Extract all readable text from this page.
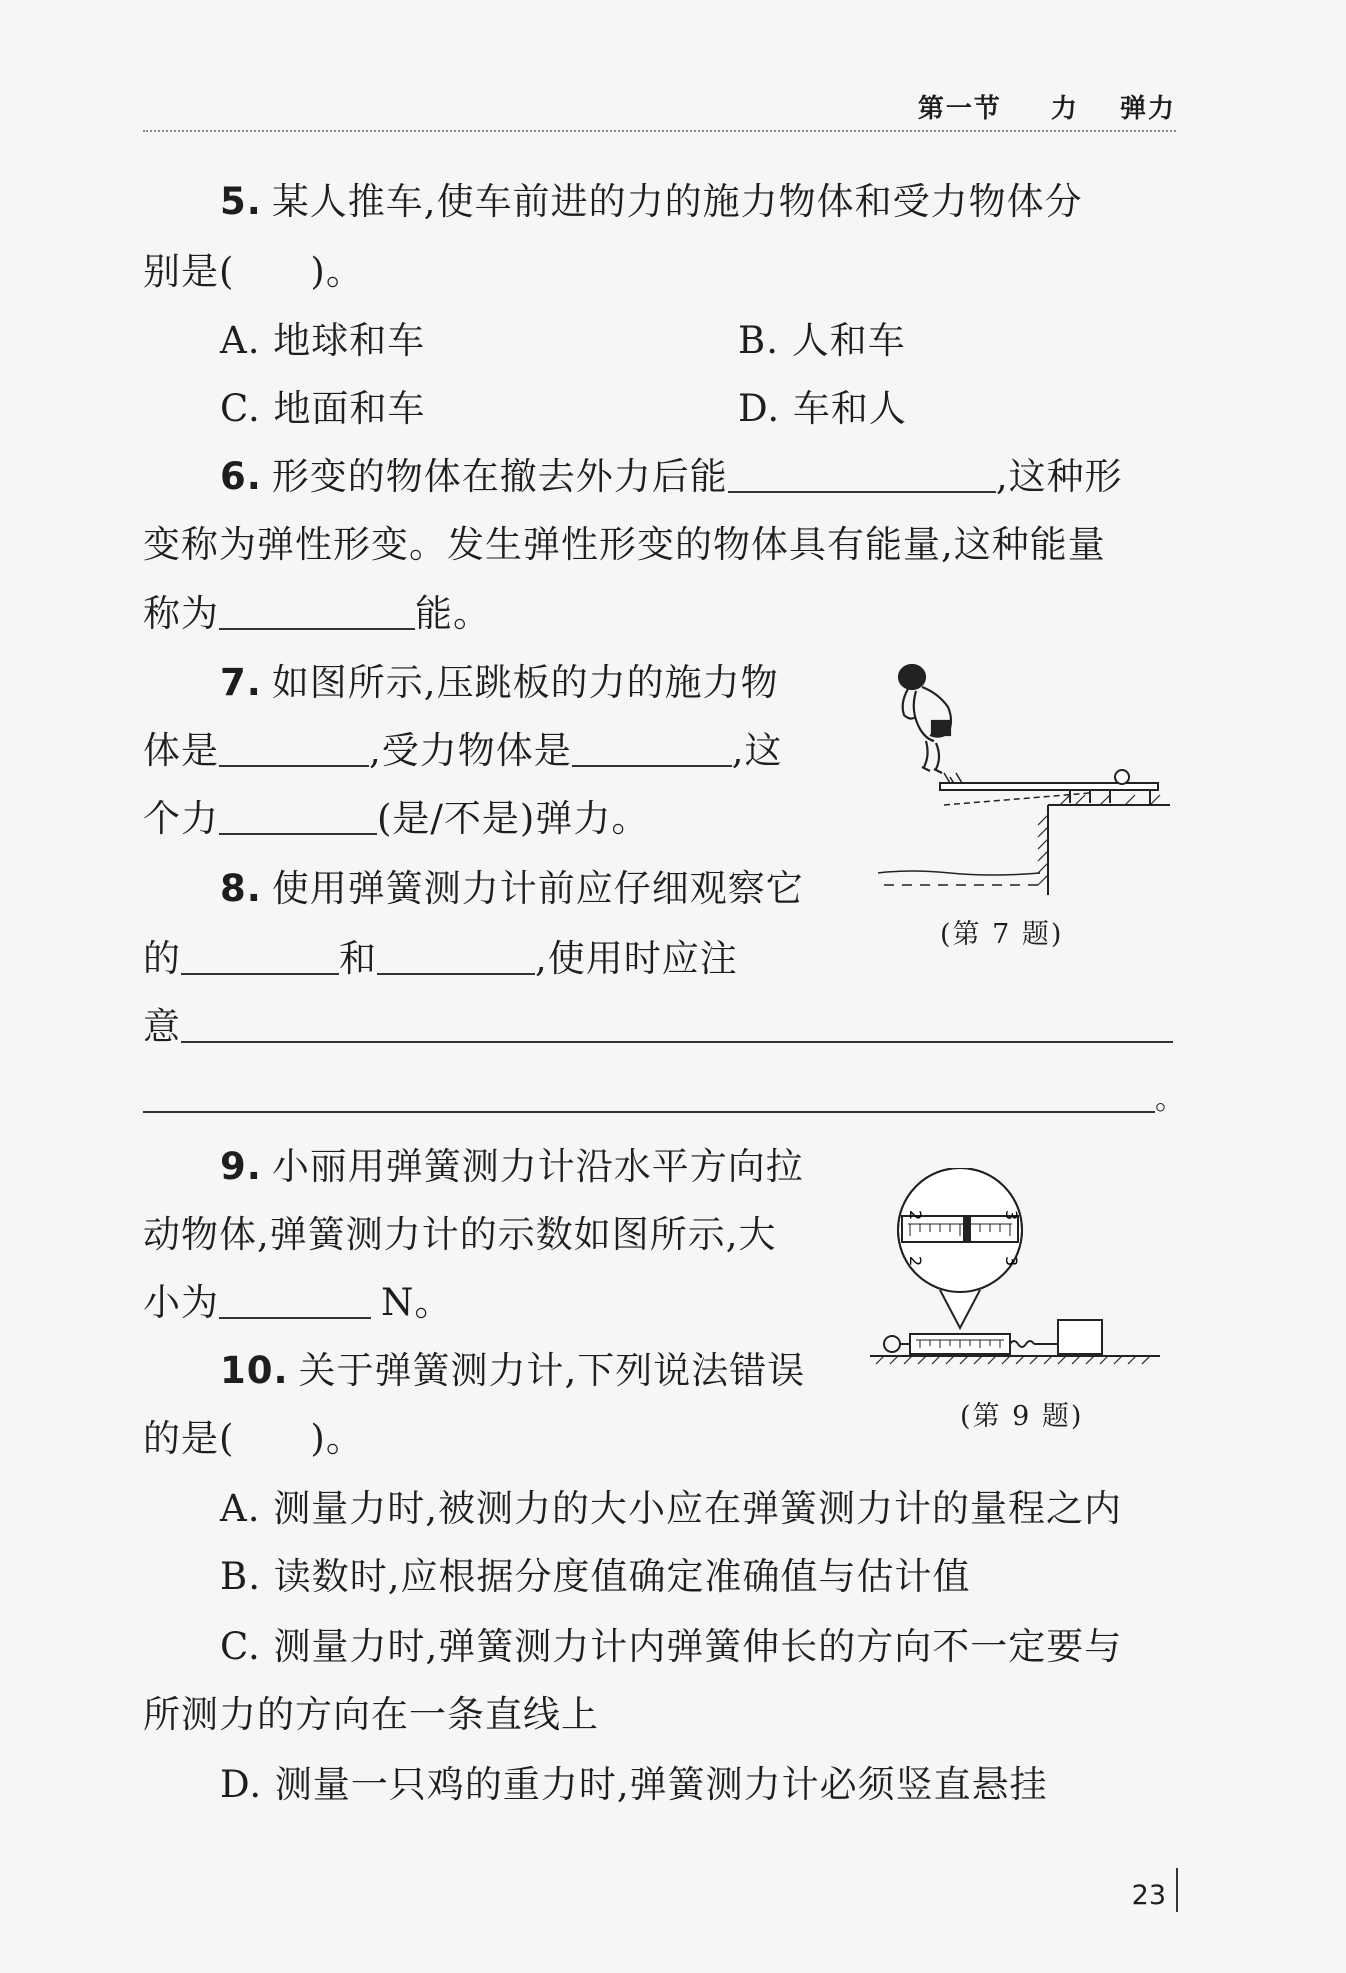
第一节 力 弹力
5. 某人推车,使车前进的力的施力物体和受力物体分
别是(　　)。
A. 地球和车	B. 人和车
C. 地面和车	D. 车和人
6. 形变的物体在撤去外力后能	,这种形
变称为弹性形变。发生弹性形变的物体具有能量,这种能量
称为	能。
7. 如图所示,压跳板的力的施力物
体是	,受力物体是	,这
个力	(是/不是)弹力。
(第 7 题)
8. 使用弹簧测力计前应仔细观察它
的	和	,使用时应注
意
。
9. 小丽用弹簧测力计沿水平方向拉
动物体,弹簧测力计的示数如图所示,大
小为	N。
2	3
2	3
(第 9 题)
10. 关于弹簧测力计,下列说法错误
的是(　　)。
A. 测量力时,被测力的大小应在弹簧测力计的量程之内
B. 读数时,应根据分度值确定准确值与估计值
C. 测量力时,弹簧测力计内弹簧伸长的方向不一定要与
所测力的方向在一条直线上
D. 测量一只鸡的重力时,弹簧测力计必须竖直悬挂
23
